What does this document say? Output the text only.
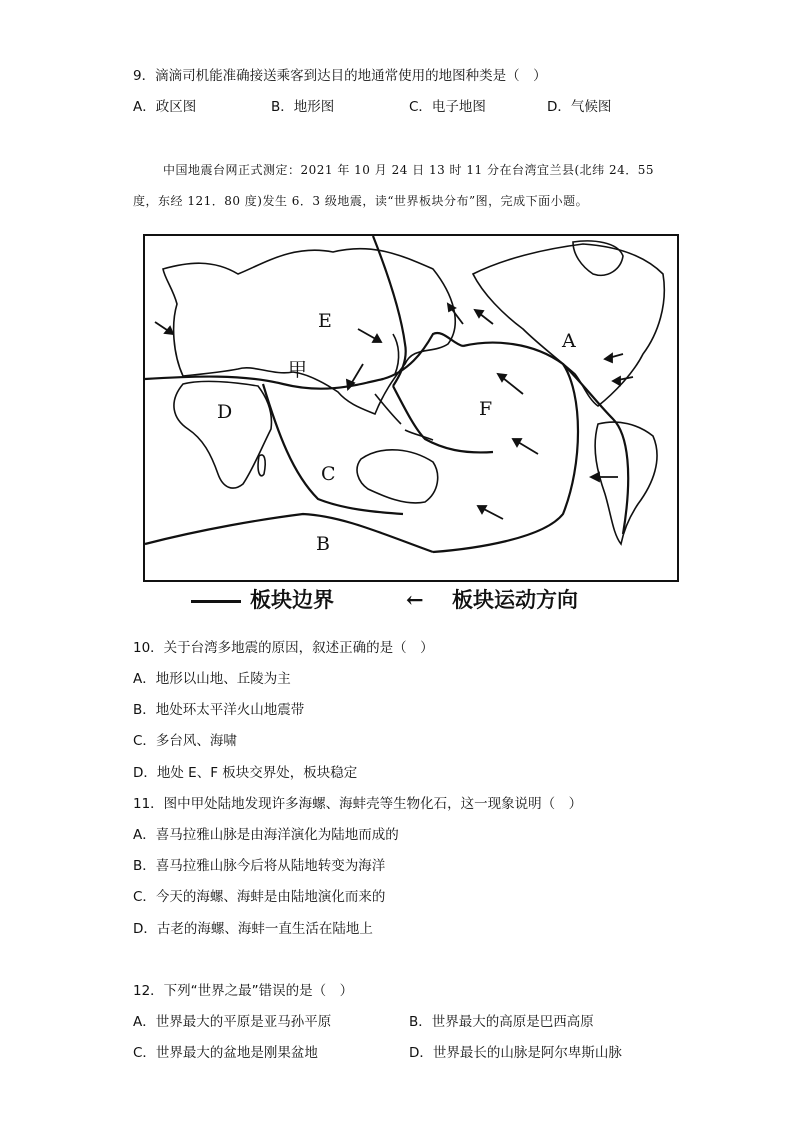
9．滴滴司机能准确接送乘客到达目的地通常使用的地图种类是（　）
A．政区图	B．地形图	C．电子地图	D．气候图
中国地震台网正式测定：2021 年 10 月 24 日 13 时 11 分在台湾宜兰县(北纬 24．55
度，东经 121．80 度)发生 6．3 级地震，读“世界板块分布”图，完成下面小题。
E
A
F
甲
D
C
B
板块边界	← 板块运动方向
10．关于台湾多地震的原因，叙述正确的是（　）
A．地形以山地、丘陵为主
B．地处环太平洋火山地震带
C．多台风、海啸
D．地处 E、F 板块交界处，板块稳定
11．图中甲处陆地发现许多海螺、海蚌壳等生物化石，这一现象说明（　）
A．喜马拉雅山脉是由海洋演化为陆地而成的
B．喜马拉雅山脉今后将从陆地转变为海洋
C．今天的海螺、海蚌是由陆地演化而来的
D．古老的海螺、海蚌一直生活在陆地上
12．下列“世界之最”错误的是（　）
A．世界最大的平原是亚马孙平原	B．世界最大的高原是巴西高原
C．世界最大的盆地是刚果盆地	D．世界最长的山脉是阿尔卑斯山脉
